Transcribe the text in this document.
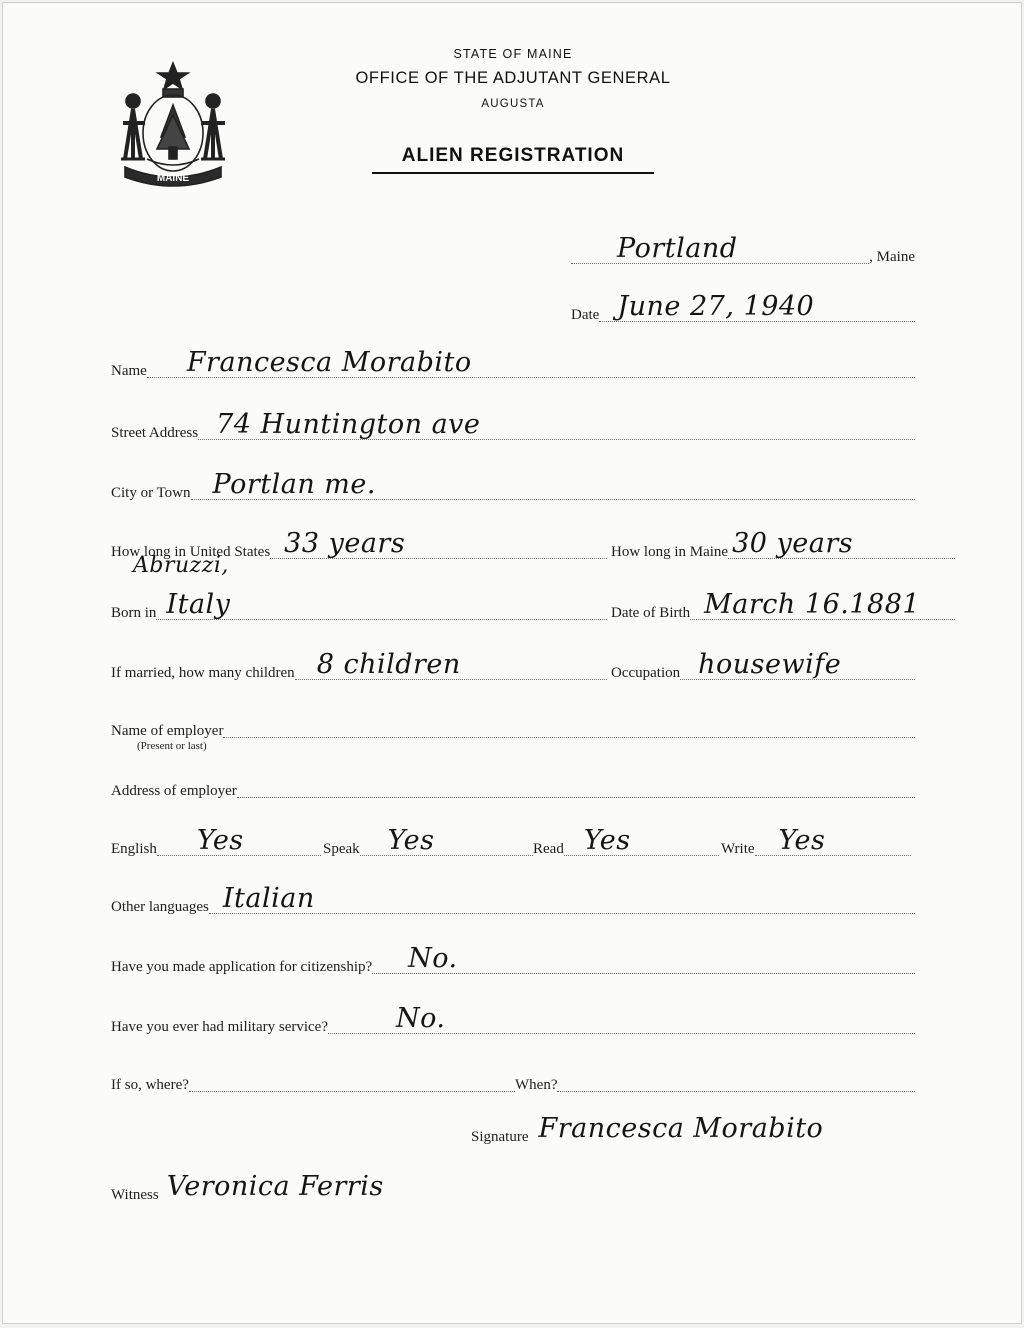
MAINE
STATE OF MAINE
OFFICE OF THE ADJUTANT GENERAL
AUGUSTA
ALIEN REGISTRATION
Portland	, Maine
Date June 27, 1940
Name Francesca Morabito
Street Address 74 Huntington ave
City or Town Portlan me.
How long in United States 33 years	How long in Maine 30 years
Abruzzi,
Born in Italy	Date of Birth March 16.1881
If married, how many children 8 children	Occupation housewife
Name of employer
(Present or last)
Address of employer
English Yes	Speak Yes	Read Yes	Write Yes
Other languages Italian
Have you made application for citizenship? No.
Have you ever had military service?	No.
If so, where?	When?
Signature Francesca Morabito
Witness Veronica Ferris
